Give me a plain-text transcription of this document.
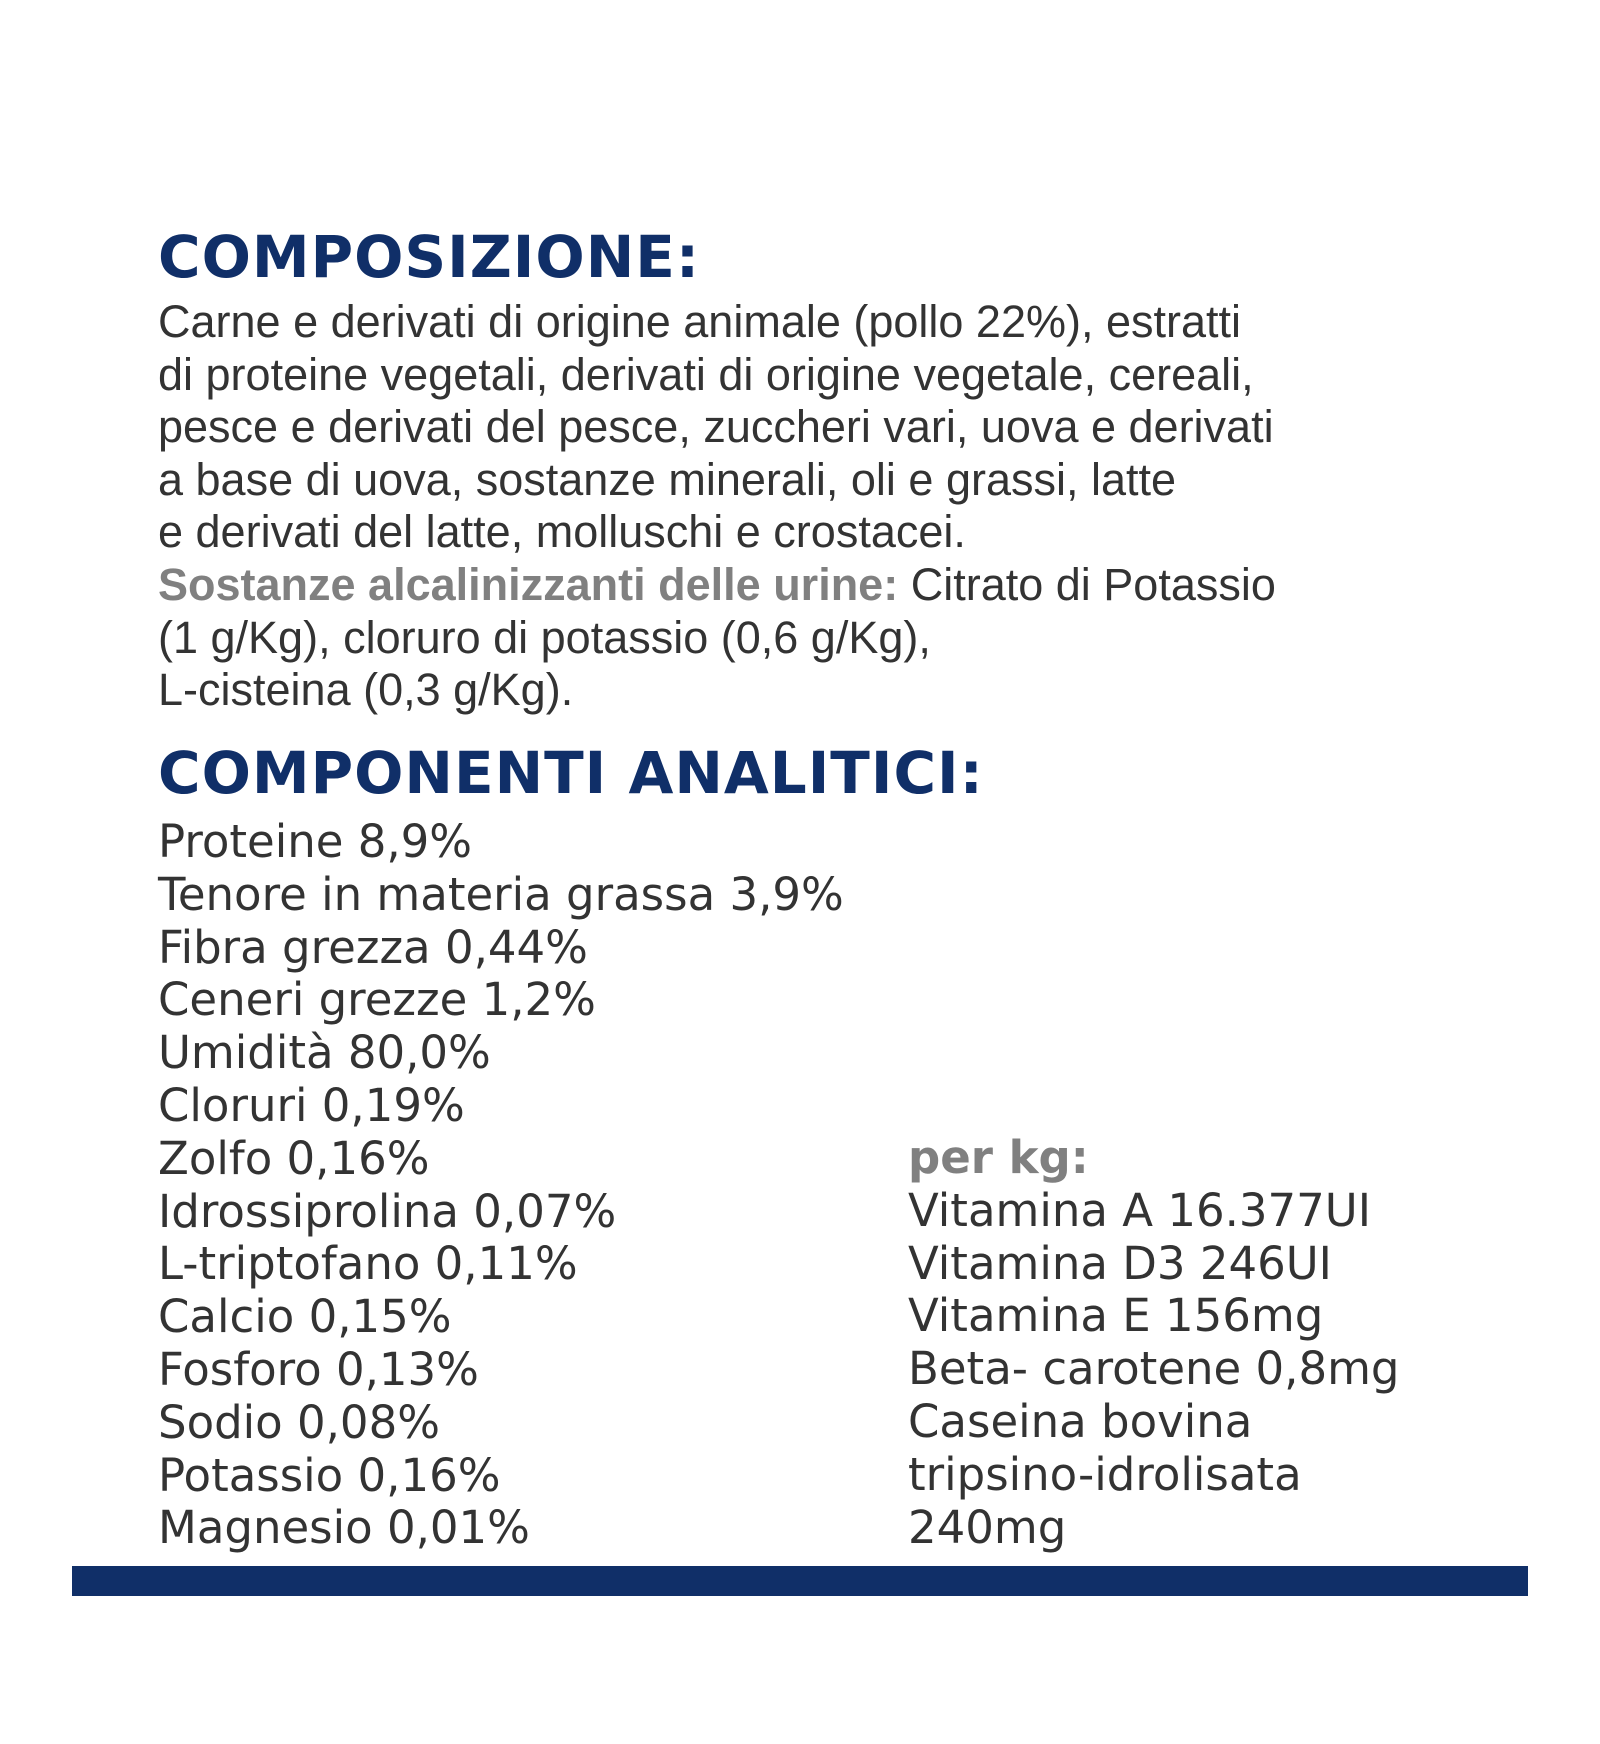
COMPOSIZIONE:
Carne e derivati di origine animale (pollo 22%), estratti
di proteine vegetali, derivati di origine vegetale, cereali,
pesce e derivati del pesce, zuccheri vari, uova e derivati
a base di uova, sostanze minerali, oli e grassi, latte
e derivati del latte, molluschi e crostacei.
Sostanze alcalinizzanti delle urine: Citrato di Potassio
(1 g/Kg), cloruro di potassio (0,6 g/Kg),
L-cisteina (0,3 g/Kg).
COMPONENTI ANALITICI:
Proteine 8,9%
Tenore in materia grassa 3,9%
Fibra grezza 0,44%
Ceneri grezze 1,2%
Umidità 80,0%
Cloruri 0,19%
Zolfo 0,16%
Idrossiprolina 0,07%
L-triptofano 0,11%
Calcio 0,15%
Fosforo 0,13%
Sodio 0,08%
Potassio 0,16%
Magnesio 0,01%
per kg:
Vitamina A 16.377UI
Vitamina D3 246UI
Vitamina E 156mg
Beta- carotene 0,8mg
Caseina bovina
tripsino-idrolisata
240mg
